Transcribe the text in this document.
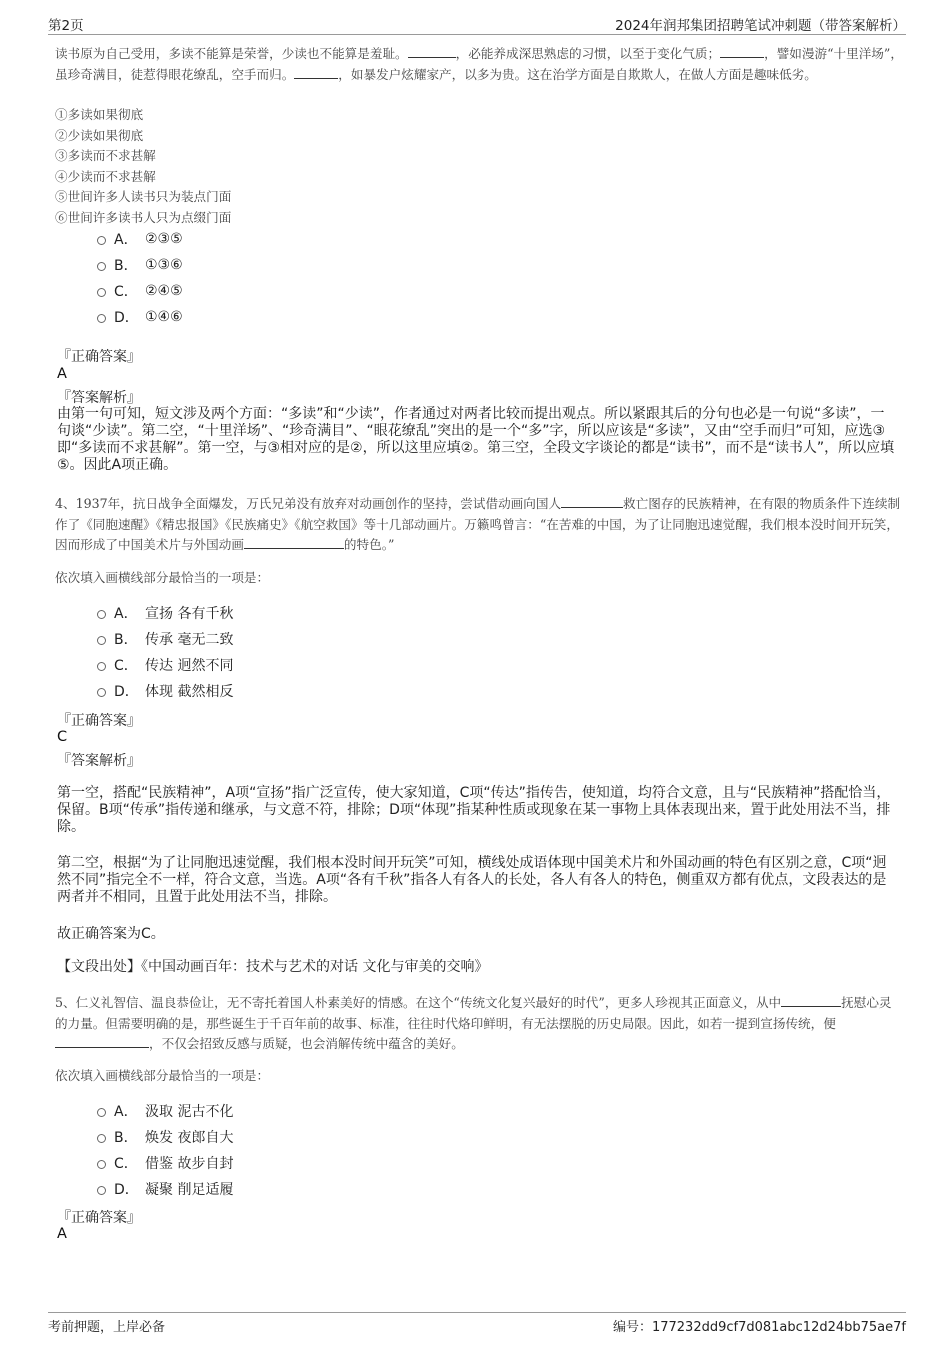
第2页	2024年润邦集团招聘笔试冲刺题（带答案解析）

读书原为自己受用，多读不能算是荣誉，少读也不能算是羞耻。	，必能养成深思熟虑的习惯，以至于变化气质；	，譬如漫游“十里洋场”，虽珍奇满目，徒惹得眼花缭乱，空手而归。	，如暴发户炫耀家产，以多为贵。这在治学方面是自欺欺人，在做人方面是趣味低劣。

①多读如果彻底
②少读如果彻底
③多读而不求甚解
④少读而不求甚解
⑤世间许多人读书只为装点门面
⑥世间许多读书人只为点缀门面
A． ②③⑤
B． ①③⑥
C． ②④⑤
D． ①④⑥
『正确答案』
A
『答案解析』

由第一句可知，短文涉及两个方面：“多读”和“少读”，作者通过对两者比较而提出观点。所以紧跟其后的分句也必是一句说“多读”，一句谈“少读”。第二空，“十里洋场”、“珍奇满目”、“眼花缭乱”突出的是一个“多”字，所以应该是“多读”，又由“空手而归”可知，应选③即“多读而不求甚解”。第一空，与③相对应的是②，所以这里应填②。第三空，全段文字谈论的都是“读书”，而不是“读书人”，所以应填⑤。因此A项正确。

4、1937年，抗日战争全面爆发，万氏兄弟没有放弃对动画创作的坚持，尝试借动画向国人	救亡图存的民族精神，在有限的物质条件下连续制作了《同胞速醒》《精忠报国》《民族痛史》《航空救国》等十几部动画片。万籁鸣曾言：“在苦难的中国，为了让同胞迅速觉醒，我们根本没时间开玩笑，因而形成了中国美术片与外国动画	的特色。”

依次填入画横线部分最恰当的一项是：
A． 宣扬 各有千秋
B． 传承 毫无二致
C． 传达 迥然不同
D． 体现 截然相反
『正确答案』
C
『答案解析』

第一空，搭配“民族精神”，A项“宣扬”指广泛宣传，使大家知道，C项“传达”指传告，使知道，均符合文意，且与“民族精神”搭配恰当，保留。B项“传承”指传递和继承，与文意不符，排除；D项“体现”指某种性质或现象在某一事物上具体表现出来，置于此处用法不当，排除。

第二空，根据“为了让同胞迅速觉醒，我们根本没时间开玩笑”可知，横线处成语体现中国美术片和外国动画的特色有区别之意，C项“迥然不同”指完全不一样，符合文意，当选。A项“各有千秋”指各人有各人的长处，各人有各人的特色，侧重双方都有优点，文段表达的是两者并不相同，且置于此处用法不当，排除。

故正确答案为C。

【文段出处】《中国动画百年：技术与艺术的对话 文化与审美的交响》

5、仁义礼智信、温良恭俭让，无不寄托着国人朴素美好的情感。在这个“传统文化复兴最好的时代”，更多人珍视其正面意义，从中	抚慰心灵的力量。但需要明确的是，那些诞生于千百年前的故事、标准，往往时代烙印鲜明，有无法摆脱的历史局限。因此，如若一提到宣扬传统，便，不仅会招致反感与质疑，也会消解传统中蕴含的美好。

依次填入画横线部分最恰当的一项是：
A． 汲取 泥古不化
B． 焕发 夜郎自大
C． 借鉴 故步自封
D． 凝聚 削足适履
『正确答案』
A
考前押题，上岸必备	编号：177232dd9cf7d081abc12d24bb75ae7f
